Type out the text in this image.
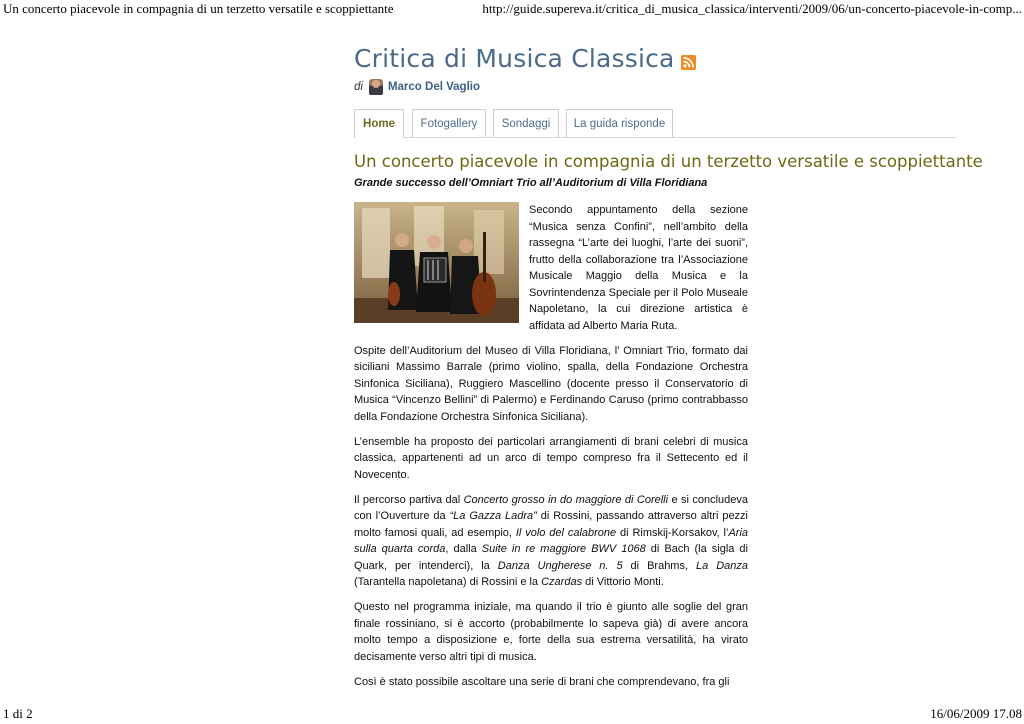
Un concerto piacevole in compagnia di un terzetto versatile e scoppiettante	http://guide.supereva.it/critica_di_musica_classica/interventi/2009/06/un-concerto-piacevole-in-comp...
Critica di Musica Classica
di Marco Del Vaglio
Home	Fotogallery	Sondaggi	La guida risponde
Un concerto piacevole in compagnia di un terzetto versatile e scoppiettante
Grande successo dell’Omniart Trio all’Auditorium di Villa Floridiana

Secondo appuntamento della sezione “Musica senza Confini”, nell’ambito della rassegna “L’arte dei luoghi, l’arte dei suoni”, frutto della collaborazione tra l’Associazione Musicale Maggio della Musica e la Sovrintendenza Speciale per il Polo Museale Napoletano, la cui direzione artistica è affidata ad Alberto Maria Ruta.

Ospite dell’Auditorium del Museo di Villa Floridiana, l’ Omniart Trio, formato dai siciliani Massimo Barrale (primo violino, spalla, della Fondazione Orchestra Sinfonica Siciliana), Ruggiero Mascellino (docente presso il Conservatorio di Musica “Vincenzo Bellini” di Palermo) e Ferdinando Caruso (primo contrabbasso della Fondazione Orchestra Sinfonica Siciliana).

L’ensemble ha proposto dei particolari arrangiamenti di brani celebri di musica classica, appartenenti ad un arco di tempo compreso fra il Settecento ed il Novecento.

Il percorso partiva dal Concerto grosso in do maggiore di Corelli e si concludeva con l’Ouverture da “La Gazza Ladra” di Rossini, passando attraverso altri pezzi molto famosi quali, ad esempio, Il volo del calabrone di Rimskij-Korsakov, l’Aria sulla quarta corda, dalla Suite in re maggiore BWV 1068 di Bach (la sigla di Quark, per intenderci), la Danza Ungherese n. 5 di Brahms, La Danza (Tarantella napoletana) di Rossini e la Czardas di Vittorio Monti.

Questo nel programma iniziale, ma quando il trio è giunto alle soglie del gran finale rossiniano, si è accorto (probabilmente lo sapeva già) di avere ancora molto tempo a disposizione e, forte della sua estrema versatilità, ha virato decisamente verso altri tipi di musica.

Così è stato possibile ascoltare una serie di brani che comprendevano, fra gli

1 di 2	16/06/2009 17.08
